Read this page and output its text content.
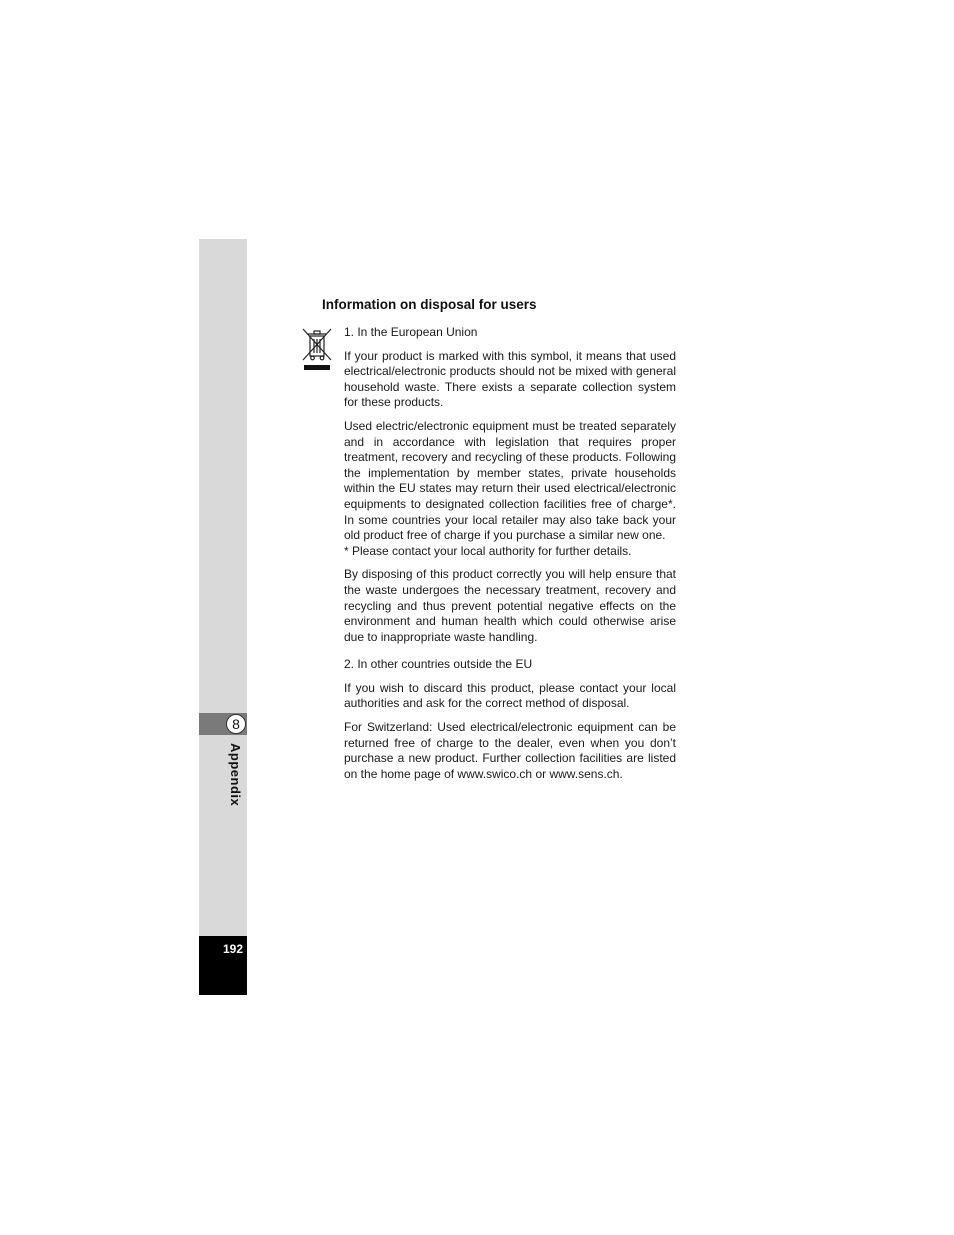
8
Appendix
192
Information on disposal for users

1. In the European Union

If your product is marked with this symbol, it means that used electrical/electronic products should not be mixed with general household waste. There exists a separate collection system for these products.

Used electric/electronic equipment must be treated separately and in accordance with legislation that requires proper treatment, recovery and recycling of these products. Following the implementation by member states, private households within the EU states may return their used electrical/electronic equipments to designated collection facilities free of charge*. In some countries your local retailer may also take back your old product free of charge if you purchase a similar new one.

* Please contact your local authority for further details.

By disposing of this product correctly you will help ensure that the waste undergoes the necessary treatment, recovery and recycling and thus prevent potential negative effects on the environment and human health which could otherwise arise due to inappropriate waste handling.

2. In other countries outside the EU

If you wish to discard this product, please contact your local authorities and ask for the correct method of disposal.

For Switzerland: Used electrical/electronic equipment can be returned free of charge to the dealer, even when you don’t purchase a new product. Further collection facilities are listed on the home page of www.swico.ch or www.sens.ch.
